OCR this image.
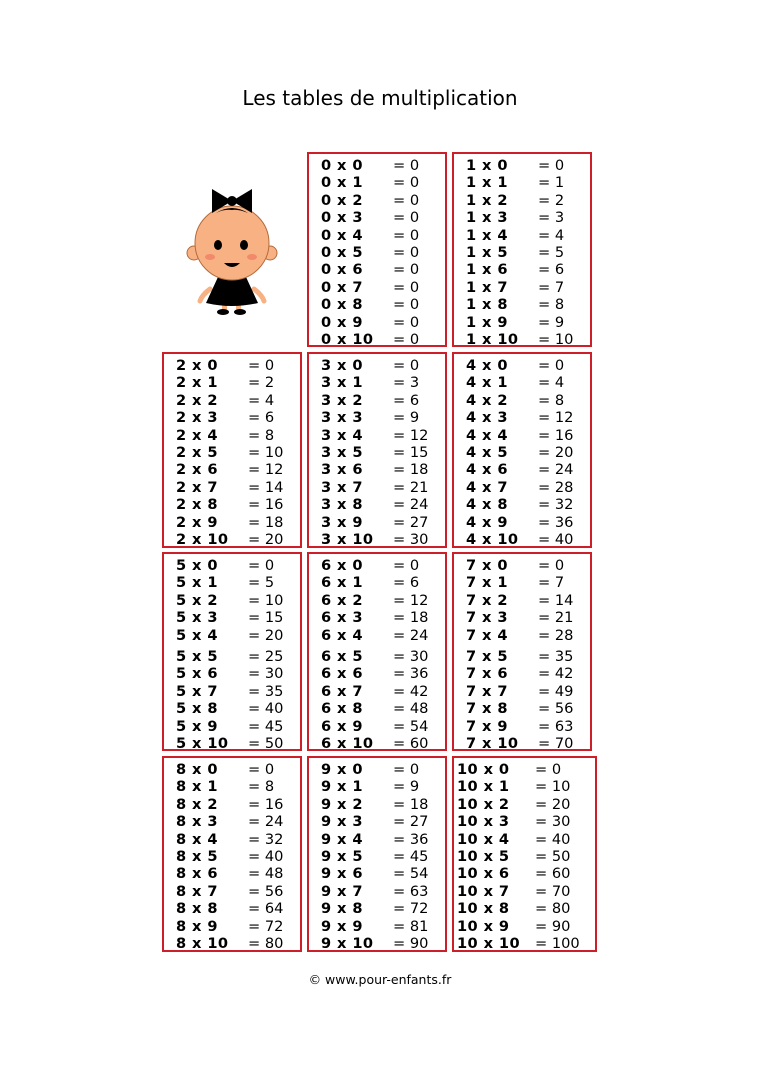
Les tables de multiplication
0 x 0 = 0
0 x 1 = 0
0 x 2 = 0
0 x 3 = 0
0 x 4 = 0
0 x 5 = 0
0 x 6 = 0
0 x 7 = 0
0 x 8 = 0
0 x 9 = 0
0 x 10 = 0
1 x 0 = 0
1 x 1 = 1
1 x 2 = 2
1 x 3 = 3
1 x 4 = 4
1 x 5 = 5
1 x 6 = 6
1 x 7 = 7
1 x 8 = 8
1 x 9 = 9
1 x 10 = 10
2 x 0 = 0
2 x 1 = 2
2 x 2 = 4
2 x 3 = 6
2 x 4 = 8
2 x 5 = 10
2 x 6 = 12
2 x 7 = 14
2 x 8 = 16
2 x 9 = 18
2 x 10 = 20
3 x 0 = 0
3 x 1 = 3
3 x 2 = 6
3 x 3 = 9
3 x 4 = 12
3 x 5 = 15
3 x 6 = 18
3 x 7 = 21
3 x 8 = 24
3 x 9 = 27
3 x 10 = 30
4 x 0 = 0
4 x 1 = 4
4 x 2 = 8
4 x 3 = 12
4 x 4 = 16
4 x 5 = 20
4 x 6 = 24
4 x 7 = 28
4 x 8 = 32
4 x 9 = 36
4 x 10 = 40
5 x 0 = 0
5 x 1 = 5
5 x 2 = 10
5 x 3 = 15
5 x 4 = 20
5 x 5 = 25
5 x 6 = 30
5 x 7 = 35
5 x 8 = 40
5 x 9 = 45
5 x 10 = 50
6 x 0 = 0
6 x 1 = 6
6 x 2 = 12
6 x 3 = 18
6 x 4 = 24
6 x 5 = 30
6 x 6 = 36
6 x 7 = 42
6 x 8 = 48
6 x 9 = 54
6 x 10 = 60
7 x 0 = 0
7 x 1 = 7
7 x 2 = 14
7 x 3 = 21
7 x 4 = 28
7 x 5 = 35
7 x 6 = 42
7 x 7 = 49
7 x 8 = 56
7 x 9 = 63
7 x 10 = 70
8 x 0 = 0
8 x 1 = 8
8 x 2 = 16
8 x 3 = 24
8 x 4 = 32
8 x 5 = 40
8 x 6 = 48
8 x 7 = 56
8 x 8 = 64
8 x 9 = 72
8 x 10 = 80
9 x 0 = 0
9 x 1 = 9
9 x 2 = 18
9 x 3 = 27
9 x 4 = 36
9 x 5 = 45
9 x 6 = 54
9 x 7 = 63
9 x 8 = 72
9 x 9 = 81
9 x 10 = 90
10 x 0 = 0
10 x 1 = 10
10 x 2 = 20
10 x 3 = 30
10 x 4 = 40
10 x 5 = 50
10 x 6 = 60
10 x 7 = 70
10 x 8 = 80
10 x 9 = 90
10 x 10 = 100
© www.pour-enfants.fr
